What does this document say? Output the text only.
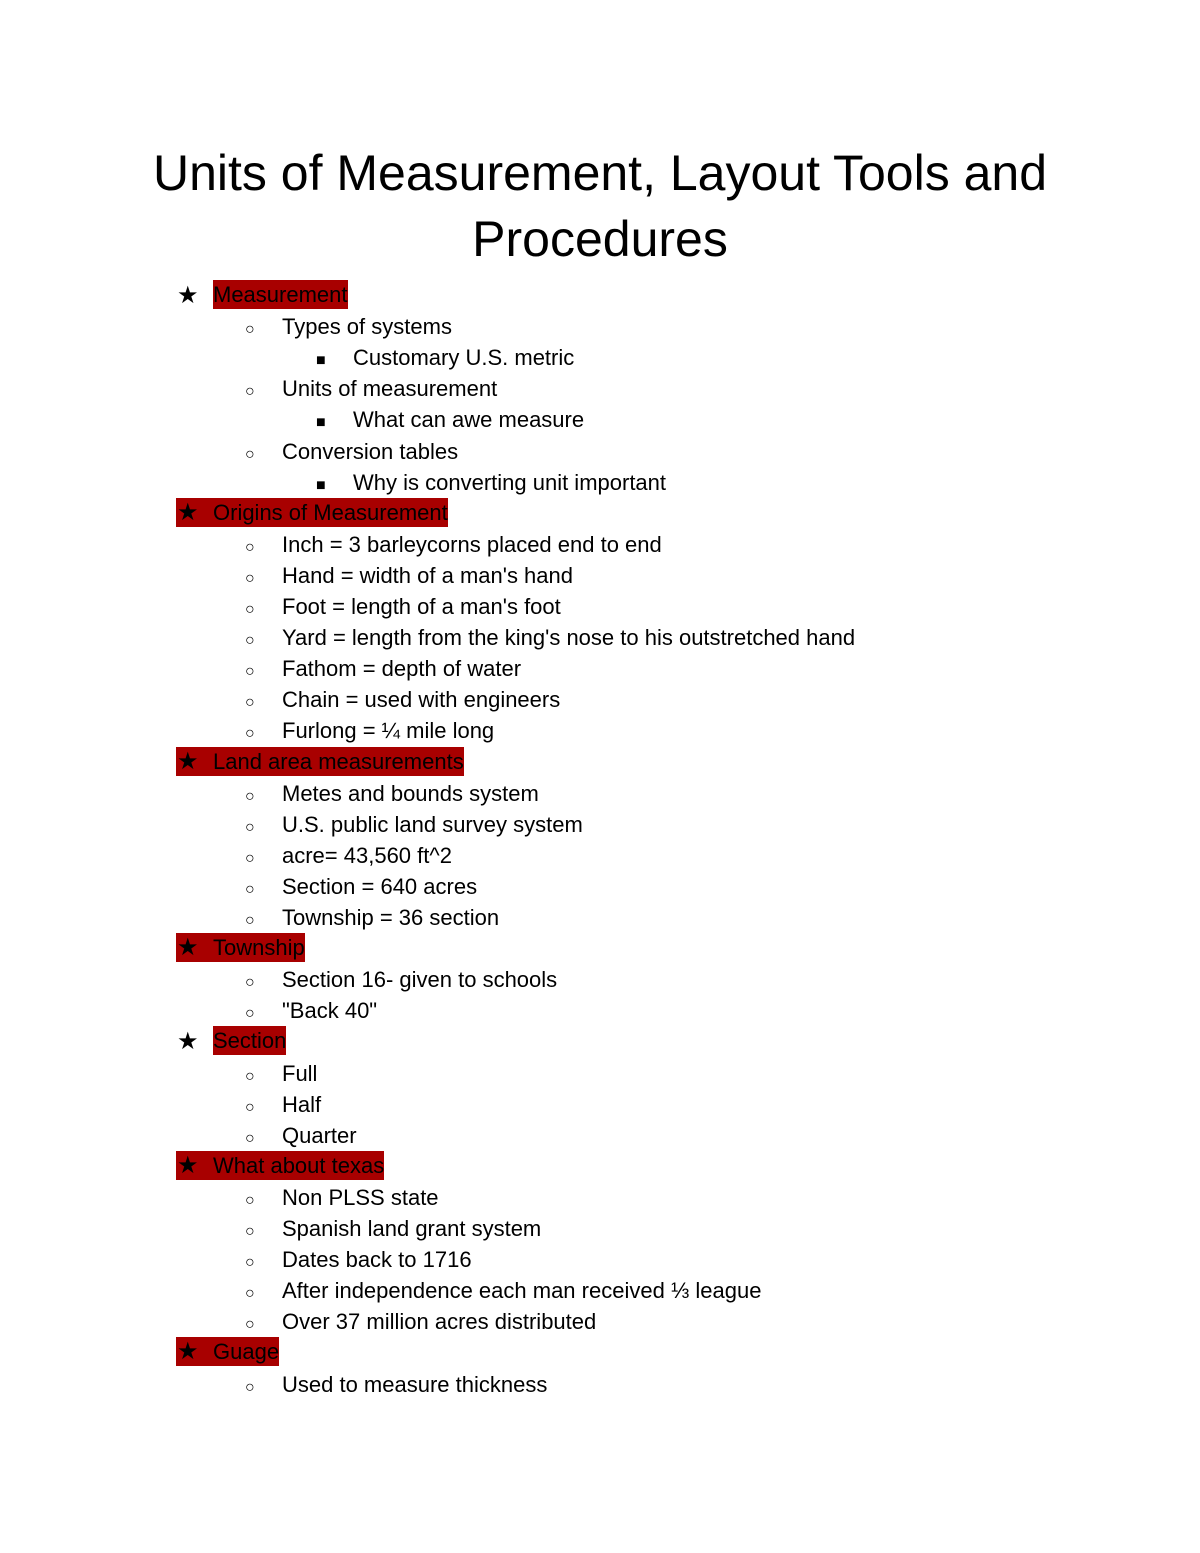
Units of Measurement, Layout Tools and
Procedures
★ Measurement
○ Types of systems
■ Customary U.S. metric
○ Units of measurement
■ What can awe measure
○ Conversion tables
■ Why is converting unit important
★ Origins of Measurement
○ Inch = 3 barleycorns placed end to end
○ Hand = width of a man's hand
○ Foot = length of a man's foot
○ Yard = length from the king's nose to his outstretched hand
○ Fathom = depth of water
○ Chain = used with engineers
○ Furlong = ¼ mile long
★ Land area measurements
○ Metes and bounds system
○ U.S. public land survey system
○ acre= 43,560 ft^2
○ Section = 640 acres
○ Township = 36 section
★ Township
○ Section 16- given to schools
○ "Back 40"
★ Section
○ Full
○ Half
○ Quarter
★ What about texas
○ Non PLSS state
○ Spanish land grant system
○ Dates back to 1716
○ After independence each man received ⅓ league
○ Over 37 million acres distributed
★ Guage
○ Used to measure thickness
